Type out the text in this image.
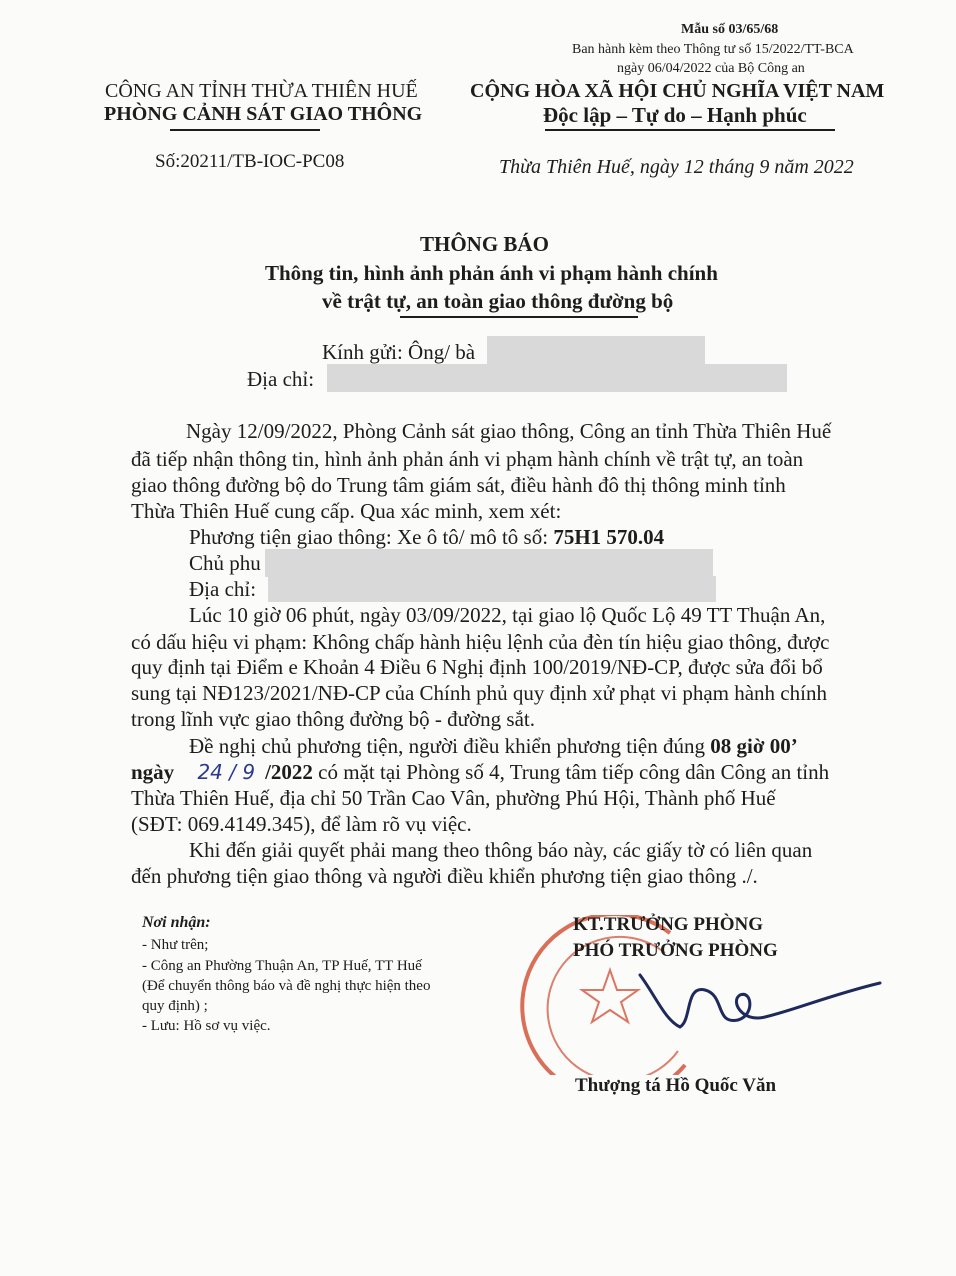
Mẫu số 03/65/68
Ban hành kèm theo Thông tư số 15/2022/TT-BCA
ngày 06/04/2022 của Bộ Công an
CÔNG AN TỈNH THỪA THIÊN HUẾ
PHÒNG CẢNH SÁT GIAO THÔNG
Số:20211/TB-IOC-PC08
CỘNG HÒA XÃ HỘI CHỦ NGHĨA VIỆT NAM
Độc lập – Tự do – Hạnh phúc
Thừa Thiên Huế, ngày 12 tháng 9 năm 2022
THÔNG BÁO
Thông tin, hình ảnh phản ánh vi phạm hành chính
về trật tự, an toàn giao thông đường bộ
Kính gửi: Ông/ bà
Địa chỉ:
Ngày 12/09/2022, Phòng Cảnh sát giao thông, Công an tỉnh Thừa Thiên Huế
đã tiếp nhận thông tin, hình ảnh phản ánh vi phạm hành chính về trật tự, an toàn
giao thông đường bộ do Trung tâm giám sát, điều hành đô thị thông minh tỉnh
Thừa Thiên Huế cung cấp. Qua xác minh, xem xét:
Phương tiện giao thông: Xe ô tô/ mô tô số: 75H1 570.04
Chủ phu
Địa chỉ:
Lúc 10 giờ 06 phút, ngày 03/09/2022, tại giao lộ Quốc Lộ 49 TT Thuận An,
có dấu hiệu vi phạm: Không chấp hành hiệu lệnh của đèn tín hiệu giao thông, được
quy định tại Điểm e Khoản 4 Điều 6 Nghị định 100/2019/NĐ-CP, được sửa đổi bổ
sung tại NĐ123/2021/NĐ-CP của Chính phủ quy định xử phạt vi phạm hành chính
trong lĩnh vực giao thông đường bộ - đường sắt.
Đề nghị chủ phương tiện, người điều khiển phương tiện đúng 08 giờ 00’
ngày 24 / 9 /2022 có mặt tại Phòng số 4, Trung tâm tiếp công dân Công an tỉnh
Thừa Thiên Huế, địa chỉ 50 Trần Cao Vân, phường Phú Hội, Thành phố Huế
(SĐT: 069.4149.345), để làm rõ vụ việc.
Khi đến giải quyết phải mang theo thông báo này, các giấy tờ có liên quan
đến phương tiện giao thông và người điều khiển phương tiện giao thông ./.
Nơi nhận:
- Như trên;
- Công an Phường Thuận An, TP Huế, TT Huế
(Để chuyển thông báo và đề nghị thực hiện theo
quy định) ;
- Lưu: Hồ sơ vụ việc.
KT.TRƯỞNG PHÒNG
PHÓ TRƯỞNG PHÒNG
Thượng tá Hồ Quốc Văn
